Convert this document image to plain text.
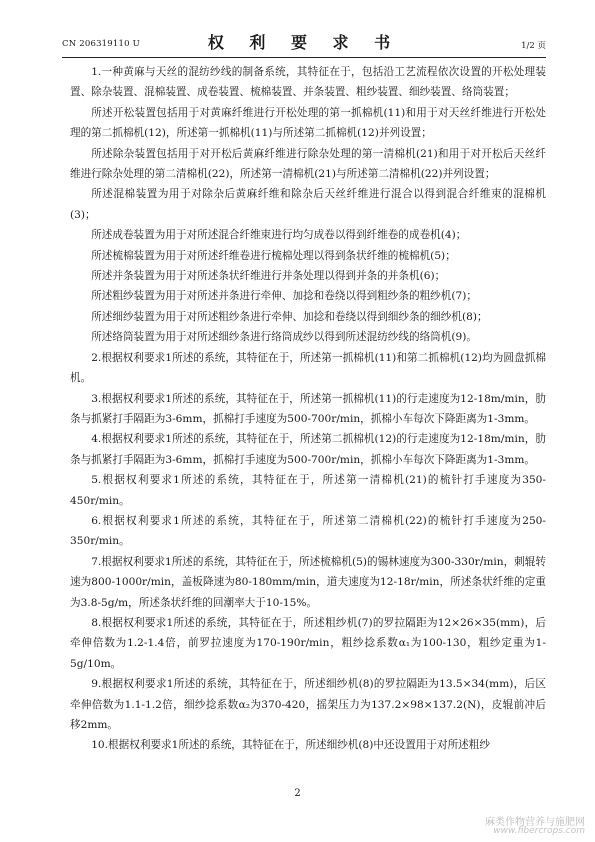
CN 206319110 U	权 利 要 求 书	1/2 页

1.一种黄麻与天丝的混纺纱线的制备系统，其特征在于，包括沿工艺流程依次设置的开松处理装置、除杂装置、混棉装置、成卷装置、梳棉装置、并条装置、粗纱装置、细纱装置、络筒装置；

所述开松装置包括用于对黄麻纤维进行开松处理的第一抓棉机(11)和用于对天丝纤维进行开松处理的第二抓棉机(12)，所述第一抓棉机(11)与所述第二抓棉机(12)并列设置；

所述除杂装置包括用于对开松后黄麻纤维进行除杂处理的第一清棉机(21)和用于对开松后天丝纤维进行除杂处理的第二清棉机(22)，所述第一清棉机(21)与所述第二清棉机(22)并列设置；

所述混棉装置为用于对除杂后黄麻纤维和除杂后天丝纤维进行混合以得到混合纤维束的混棉机(3)；

所述成卷装置为用于对所述混合纤维束进行均匀成卷以得到纤维卷的成卷机(4)；

所述梳棉装置为用于对所述纤维卷进行梳棉处理以得到条状纤维的梳棉机(5)；

所述并条装置为用于对所述条状纤维进行并条处理以得到并条的并条机(6)；

所述粗纱装置为用于对所述并条进行牵伸、加捻和卷绕以得到粗纱条的粗纱机(7)；

所述细纱装置为用于对所述粗纱条进行牵伸、加捻和卷绕以得到细纱条的细纱机(8)；

所述络筒装置为用于对所述细纱条进行络筒成纱以得到所述混纺纱线的络筒机(9)。

2.根据权利要求1所述的系统，其特征在于，所述第一抓棉机(11)和第二抓棉机(12)均为圆盘抓棉机。

3.根据权利要求1所述的系统，其特征在于，所述第一抓棉机(11)的行走速度为12-18m/min，肋条与抓紧打手隔距为3-6mm，抓棉打手速度为500-700r/min，抓棉小车每次下降距离为1-3mm。

4.根据权利要求1所述的系统，其特征在于，所述第二抓棉机(12)的行走速度为12-18m/min，肋条与抓紧打手隔距为3-6mm，抓棉打手速度为500-700r/min，抓棉小车每次下降距离为1-3mm。

5.根据权利要求1所述的系统，其特征在于，所述第一清棉机(21)的梳针打手速度为350-450r/min。

6.根据权利要求1所述的系统，其特征在于，所述第二清棉机(22)的梳针打手速度为250-350r/min。

7.根据权利要求1所述的系统，其特征在于，所述梳棉机(5)的锡林速度为300-330r/min，刺辊转速为800-1000r/min，盖板降速为80-180mm/min，道夫速度为12-18r/min，所述条状纤维的定重为3.8-5g/m，所述条状纤维的回潮率大于10-15%。

8.根据权利要求1所述的系统，其特征在于，所述粗纱机(7)的罗拉隔距为12×26×35(mm)，后牵伸倍数为1.2-1.4倍，前罗拉速度为170-190r/min，粗纱捻系数α₁为100-130，粗纱定重为1-5g/10m。

9.根据权利要求1所述的系统，其特征在于，所述细纱机(8)的罗拉隔距为13.5×34(mm)，后区牵伸倍数为1.1-1.2倍，细纱捻系数α₂为370-420，摇架压力为137.2×98×137.2(N)，皮辊前冲后移2mm。

10.根据权利要求1所述的系统，其特征在于，所述细纱机(8)中还设置用于对所述粗纱

2
麻类作物营养与施肥网
www.fibercrops.com
